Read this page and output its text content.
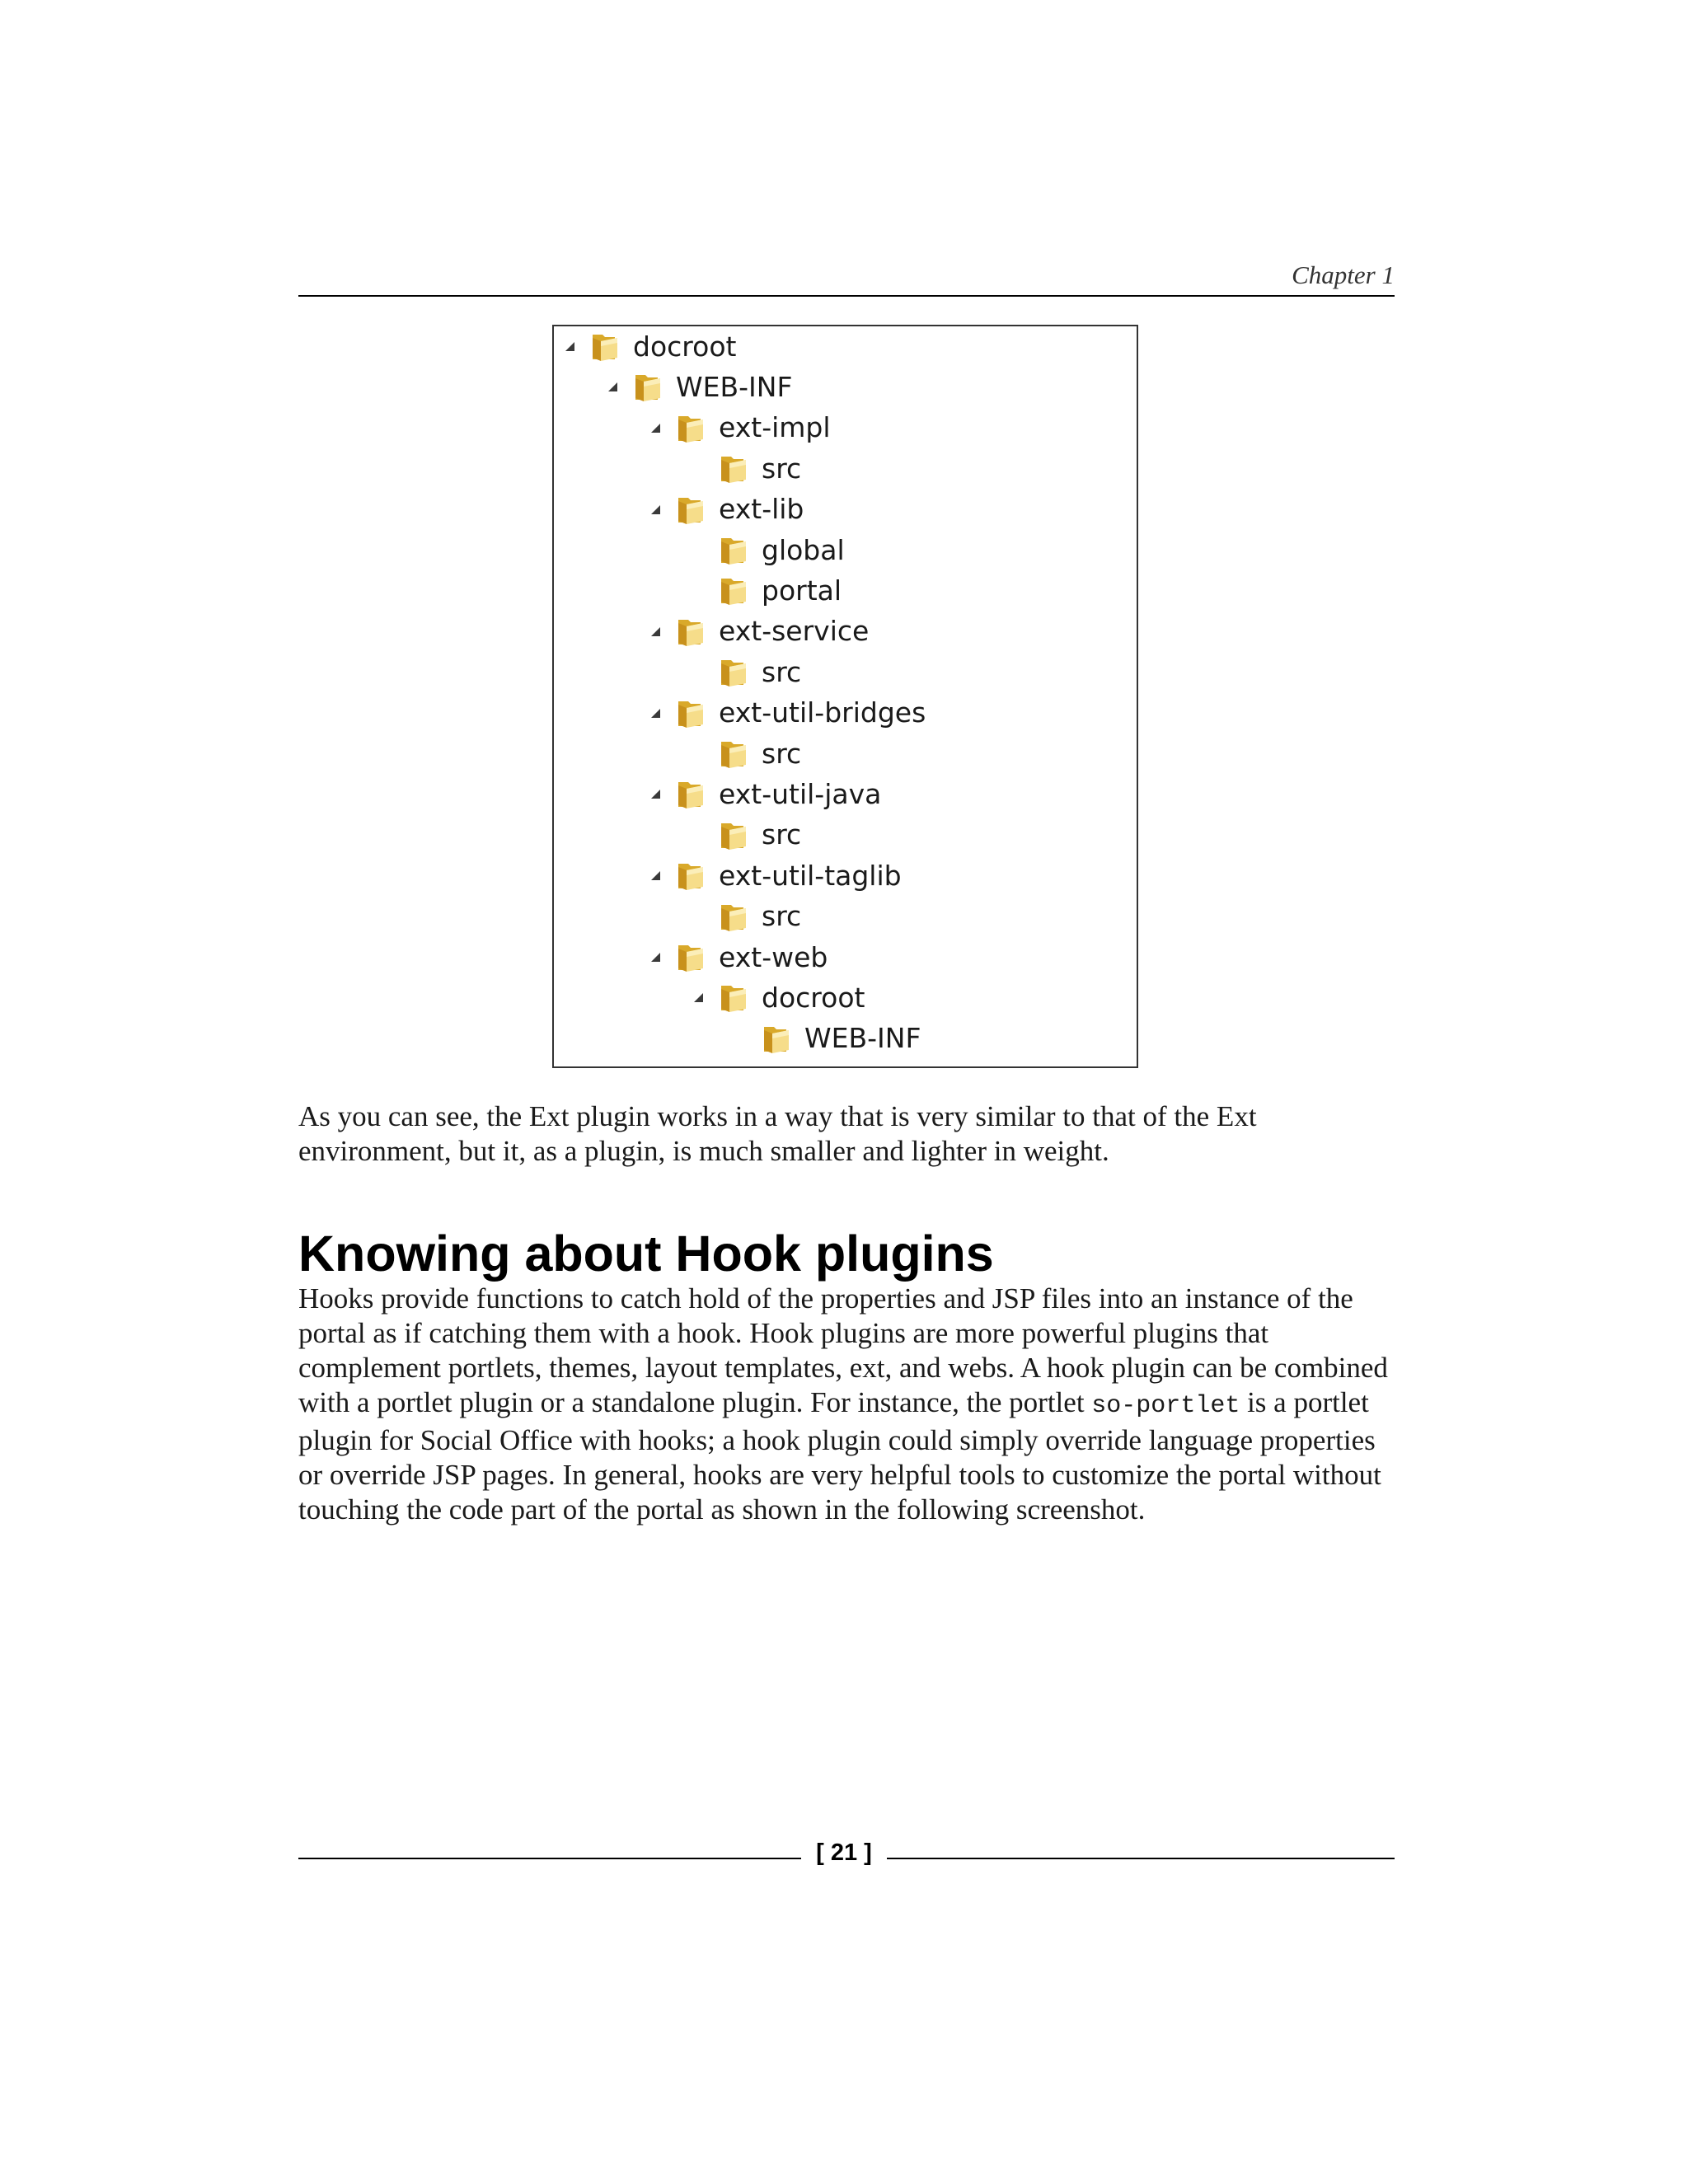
Chapter 1
docroot
WEB-INF
ext-impl
src
ext-lib
global
portal
ext-service
src
ext-util-bridges
src
ext-util-java
src
ext-util-taglib
src
ext-web
docroot
WEB-INF

As you can see, the Ext plugin works in a way that is very similar to that of the Ext environment, but it, as a plugin, is much smaller and lighter in weight.

Knowing about Hook plugins

Hooks provide functions to catch hold of the properties and JSP files into an instance of the portal as if catching them with a hook. Hook plugins are more powerful plugins that complement portlets, themes, layout templates, ext, and webs. A hook plugin can be combined with a portlet plugin or a standalone plugin. For instance, the portlet so-portlet is a portlet plugin for Social Office with hooks; a hook plugin could simply override language properties or override JSP pages. In general, hooks are very helpful tools to customize the portal without touching the code part of the portal as shown in the following screenshot.

[ 21 ]
